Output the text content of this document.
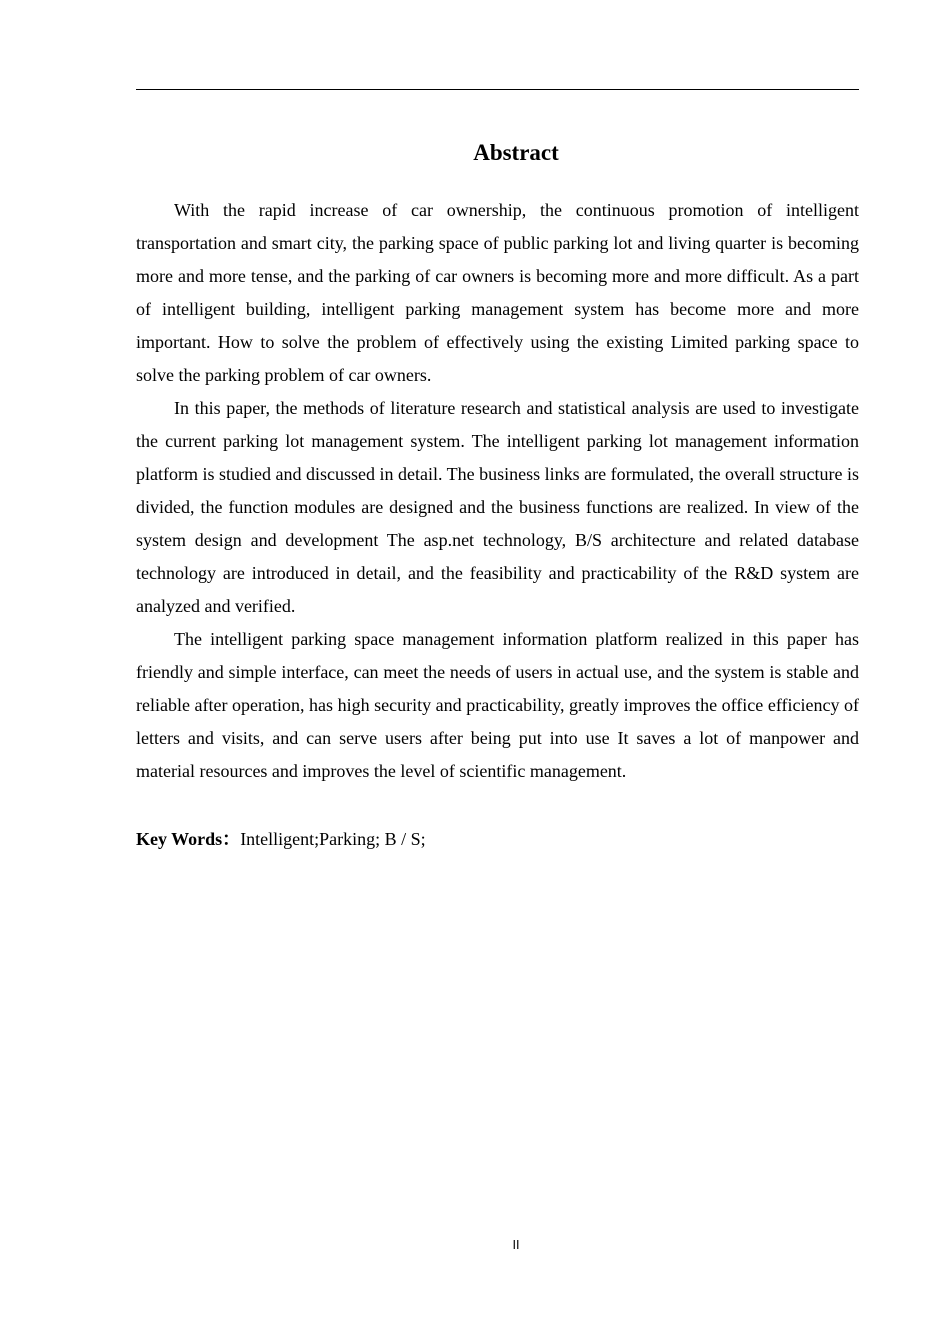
Abstract

With the rapid increase of car ownership, the continuous promotion of intelligent transportation and smart city, the parking space of public parking lot and living quarter is becoming more and more tense, and the parking of car owners is becoming more and more difficult. As a part of intelligent building, intelligent parking management system has become more and more important. How to solve the problem of effectively using the existing Limited parking space to solve the parking problem of car owners.

In this paper, the methods of literature research and statistical analysis are used to investigate the current parking lot management system. The intelligent parking lot management information platform is studied and discussed in detail. The business links are formulated, the overall structure is divided, the function modules are designed and the business functions are realized. In view of the system design and development The asp.net technology, B/S architecture and related database technology are introduced in detail, and the feasibility and practicability of the R&D system are analyzed and verified.

The intelligent parking space management information platform realized in this paper has friendly and simple interface, can meet the needs of users in actual use, and the system is stable and reliable after operation, has high security and practicability, greatly improves the office efficiency of letters and visits, and can serve users after being put into use It saves a lot of manpower and material resources and improves the level of scientific management.

Key Words：Intelligent;Parking; B / S;

II
